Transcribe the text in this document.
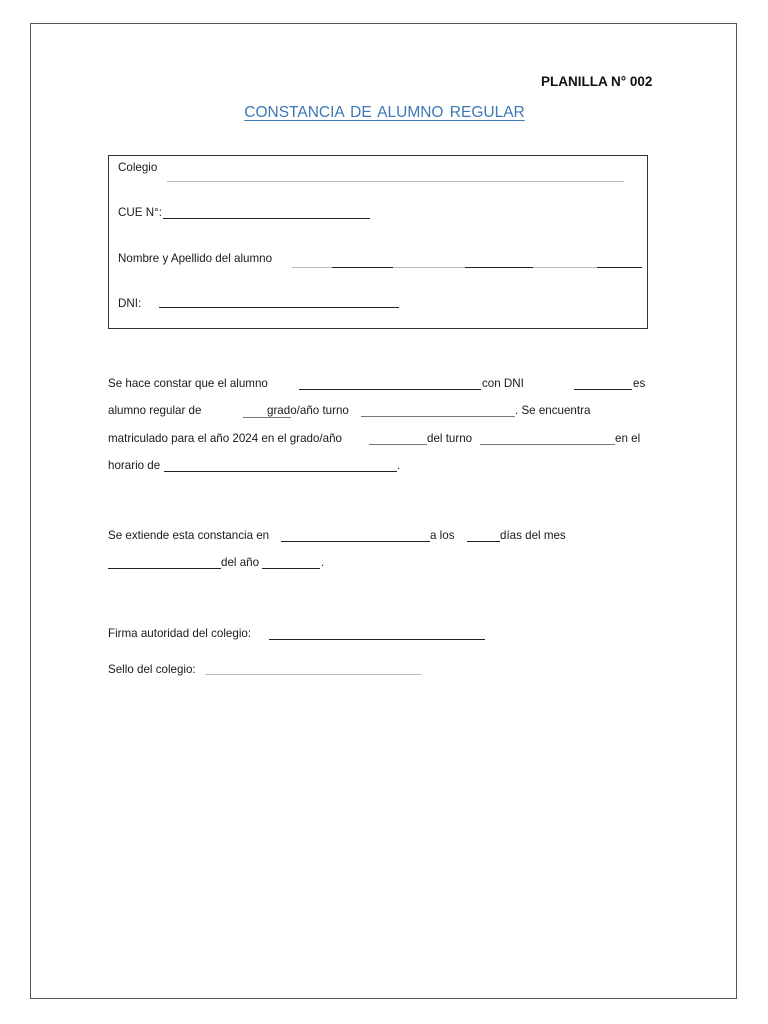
PLANILLA N° 002
CONSTANCIA DE ALUMNO REGULAR
Colegio
CUE N°:
Nombre y Apellido del alumno
DNI:
Se hace constar que el alumno	con DNI	es
alumno regular de	grado/año turno	. Se encuentra
matriculado para el año 2024 en el grado/año	del turno	en el
horario de	.
Se extiende esta constancia en	a los	días del mes
del año	.
Firma autoridad del colegio:
Sello del colegio:
